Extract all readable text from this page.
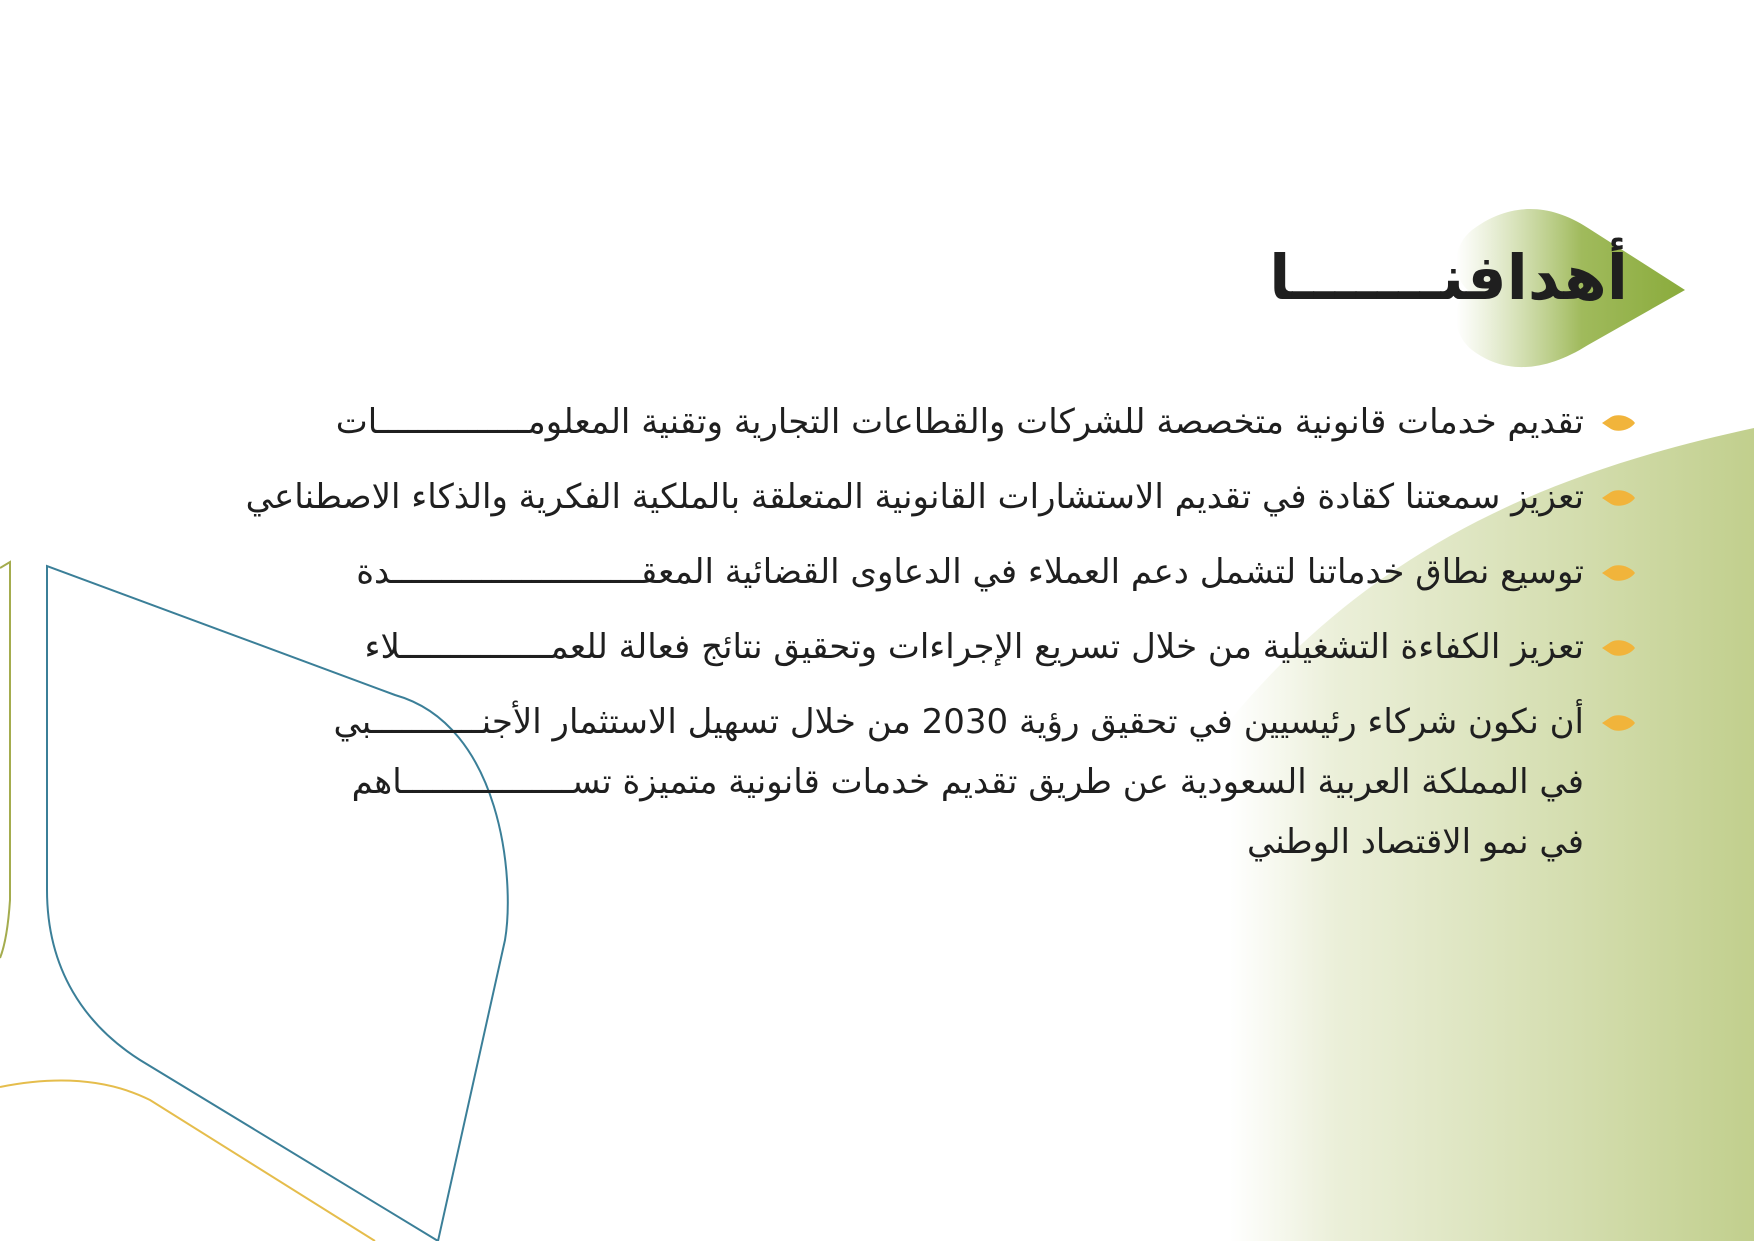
أهدافنـــــــا
تقديم خدمات قانونية متخصصة للشركات والقطاعات التجارية وتقنية المعلومـــــــــــــــات
تعزيز سمعتنا كقادة في تقديم الاستشارات القانونية المتعلقة بالملكية الفكرية والذكاء الاصطناعي
توسيع نطاق خدماتنا لتشمل دعم العملاء في الدعاوى القضائية المعقـــــــــــــــــــــــــدة
تعزيز الكفاءة التشغيلية من خلال تسريع الإجراءات وتحقيق نتائج فعالة للعمـــــــــــــــلاء
أن نكون شركاء رئيسيين في تحقيق رؤية 2030 من خلال تسهيل الاستثمار الأجنـــــــــــبي في المملكة العربية السعودية عن طريق تقديم خدمات قانونية متميزة تســـــــــــــــــاهم في نمو الاقتصاد الوطني
